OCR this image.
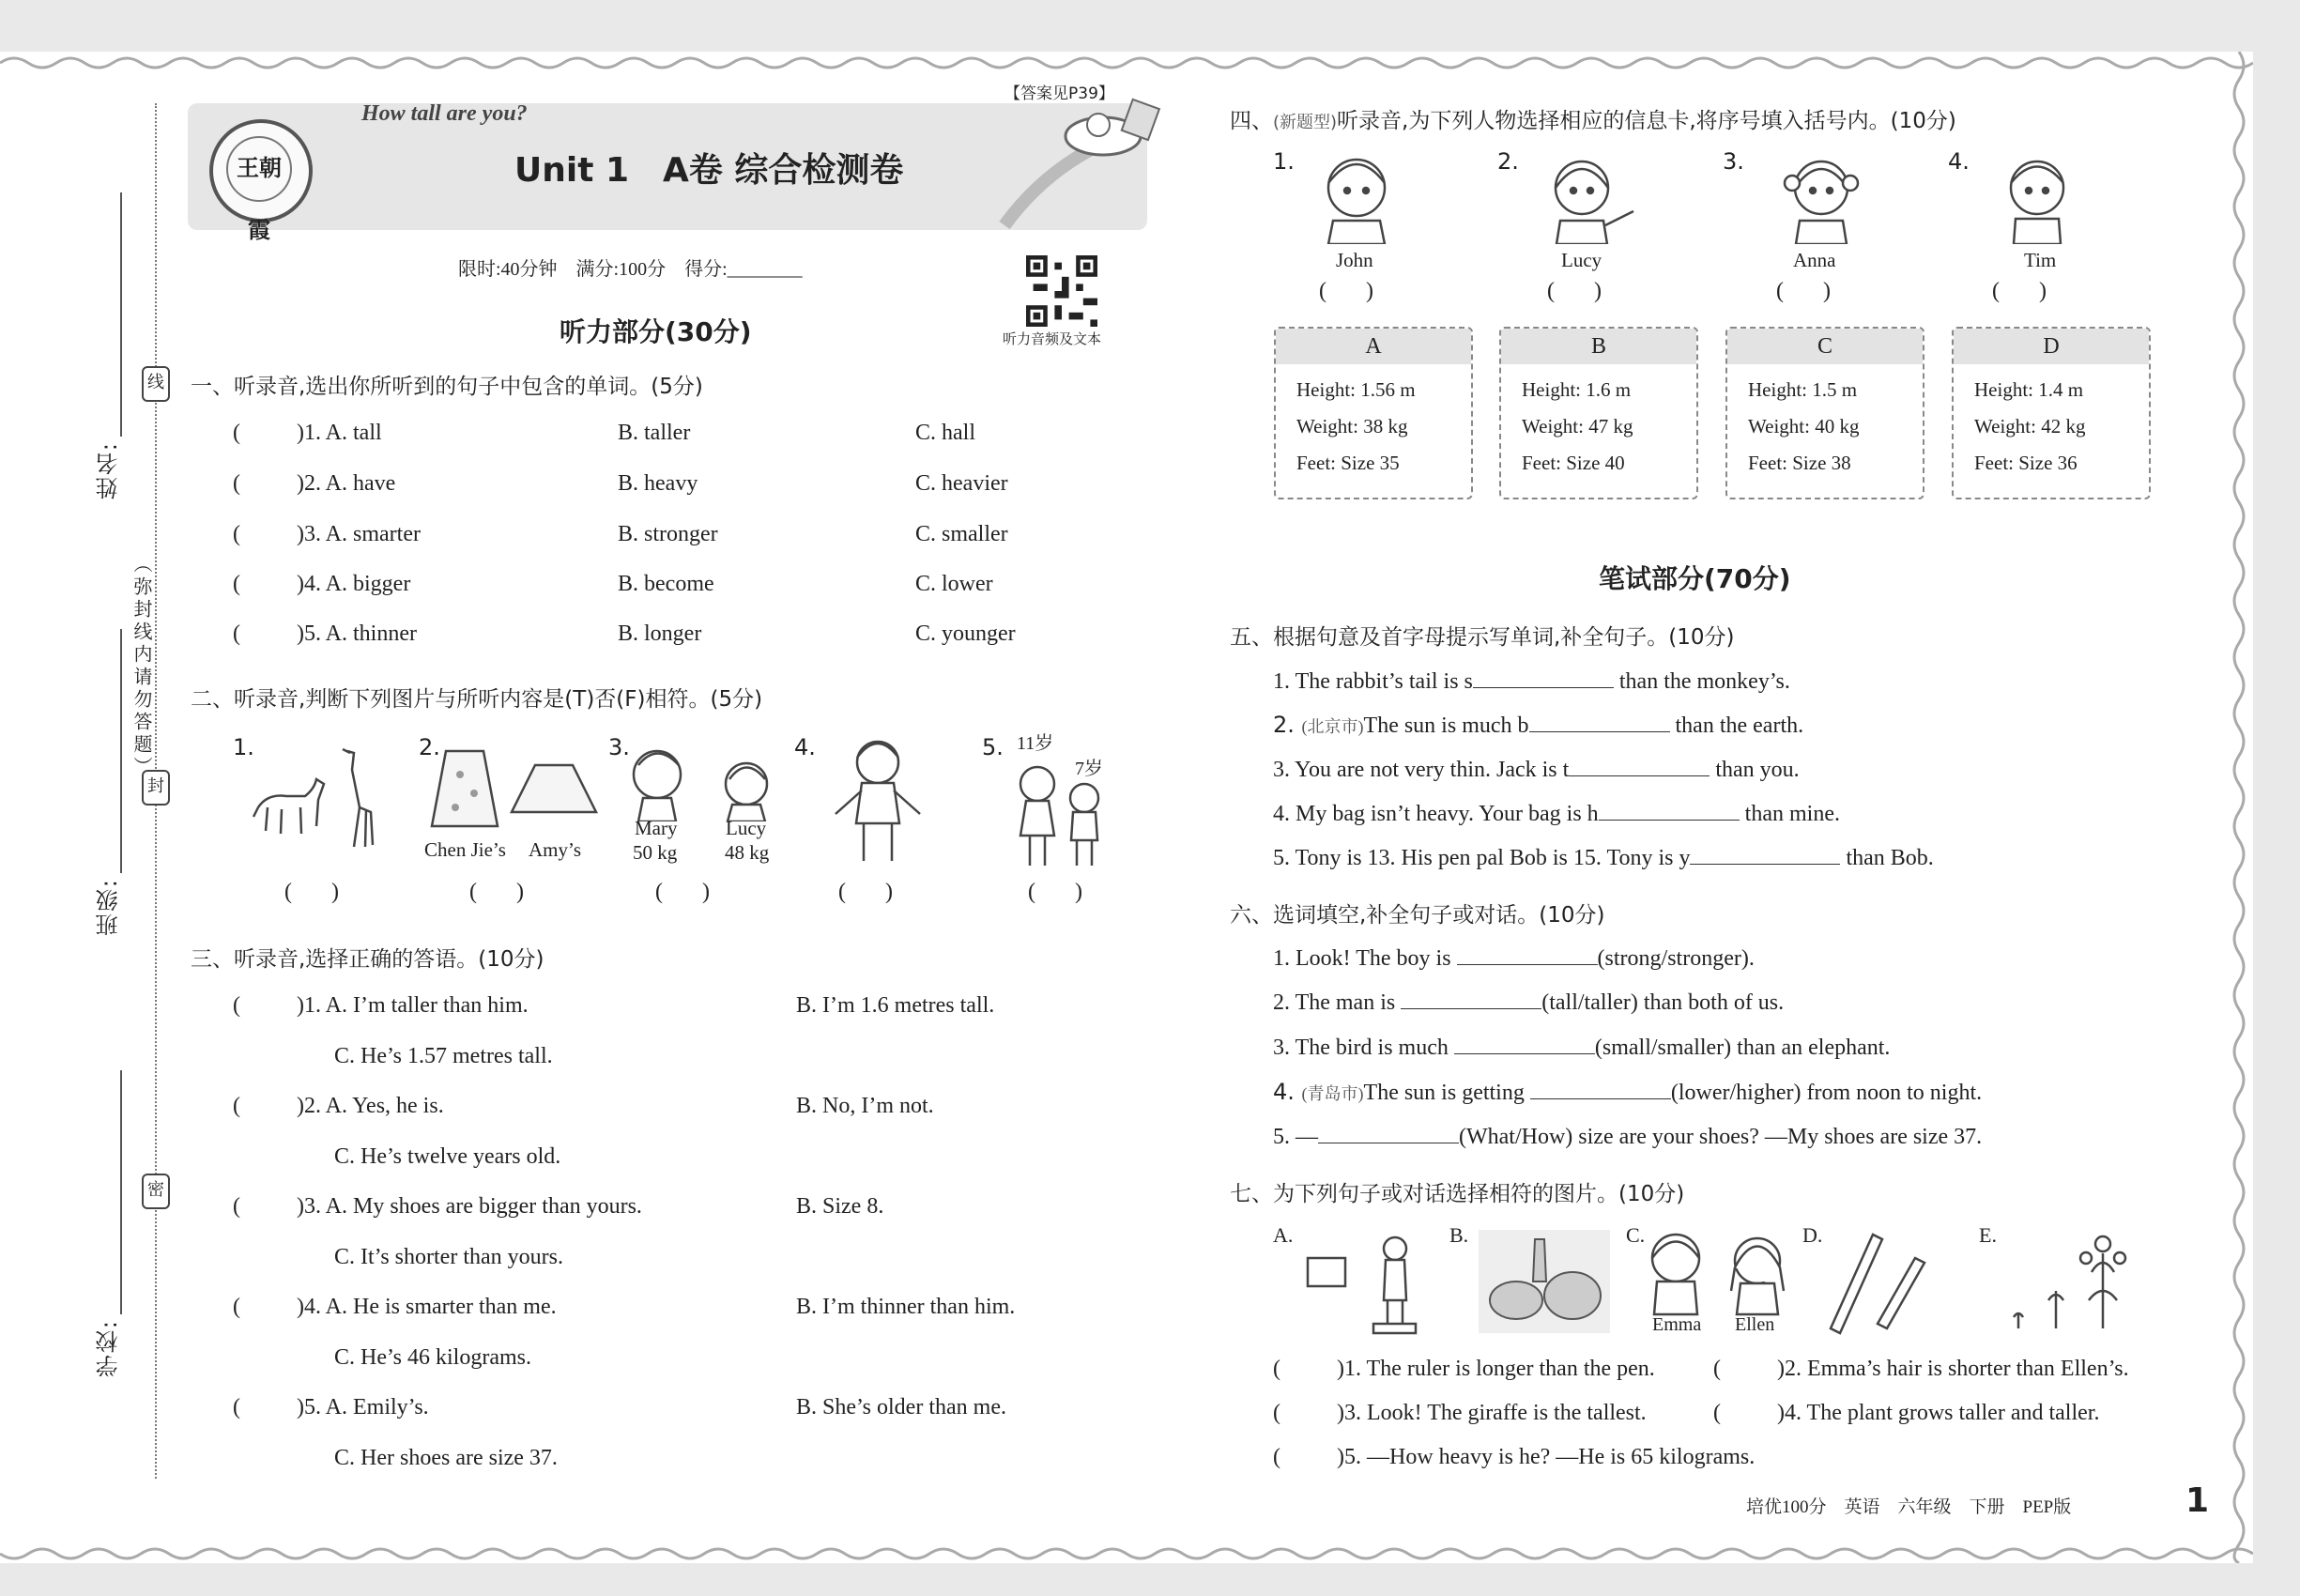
姓名:
班级:
学校:
线
封
密
（弥封线内请勿答题）
【答案见P39】
How tall are you?
Unit 1　A卷 综合检测卷
王朝霞
限时:40分钟　满分:100分　得分:________
听力音频及文本
听力部分(30分)
一、听录音,选出你所听到的句子中包含的单词。(5分)
(	)1. A. tall	B. taller	C. hall
(	)2. A. have	B. heavy	C. heavier
(	)3. A. smarter	B. stronger	C. smaller
(	)4. A. bigger	B. become	C. lower
(	)5. A. thinner	B. longer	C. younger
二、听录音,判断下列图片与所听内容是(T)否(F)相符。(5分)
1.	2.	3.	4.	5.
Chen Jie’s Amy’s
Mary
50 kg
Lucy
48 kg
11岁
7岁
(       )	(       )	(       )	(       )	(       )
三、听录音,选择正确的答语。(10分)
(	)1. A. I’m taller than him.	B. I’m 1.6 metres tall.
C. He’s 1.57 metres tall.
(	)2. A. Yes, he is.	B. No, I’m not.
C. He’s twelve years old.
(	)3. A. My shoes are bigger than yours.	B. Size 8.
C. It’s shorter than yours.
(	)4. A. He is smarter than me.	B. I’m thinner than him.
C. He’s 46 kilograms.
(	)5. A. Emily’s.	B. She’s older than me.
C. Her shoes are size 37.
四、(新题型)听录音,为下列人物选择相应的信息卡,将序号填入括号内。(10分)
1.	2.	3.	4.
John	Lucy	Anna	Tim
(       )	(       )	(       )	(       )
A
Height: 1.56 m
Weight: 38 kg
Feet: Size 35
B
Height: 1.6 m
Weight: 47 kg
Feet: Size 40
C
Height: 1.5 m
Weight: 40 kg
Feet: Size 38
D
Height: 1.4 m
Weight: 42 kg
Feet: Size 36
笔试部分(70分)
五、根据句意及首字母提示写单词,补全句子。(10分)
1. The rabbit’s tail is s	than the monkey’s.
2. (北京市)The sun is much b	than the earth.
3. You are not very thin. Jack is t	than you.
4. My bag isn’t heavy. Your bag is h	than mine.
5. Tony is 13. His pen pal Bob is 15. Tony is y	than Bob.
六、选词填空,补全句子或对话。(10分)
1. Look! The boy is	(strong/stronger).
2. The man is	(tall/taller) than both of us.
3. The bird is much	(small/smaller) than an elephant.
4. (青岛市)The sun is getting	(lower/higher) from noon to night.
5. —	(What/How) size are your shoes? —My shoes are size 37.
七、为下列句子或对话选择相符的图片。(10分)
A.	B.	C.	D.	E.
Emma Ellen
(	)1. The ruler is longer than the pen.	(	)2. Emma’s hair is shorter than Ellen’s.
(	)3. Look! The giraffe is the tallest.	(	)4. The plant grows taller and taller.
(	)5. —How heavy is he? —He is 65 kilograms.
培优100分　英语　六年级　下册　PEP版	1
